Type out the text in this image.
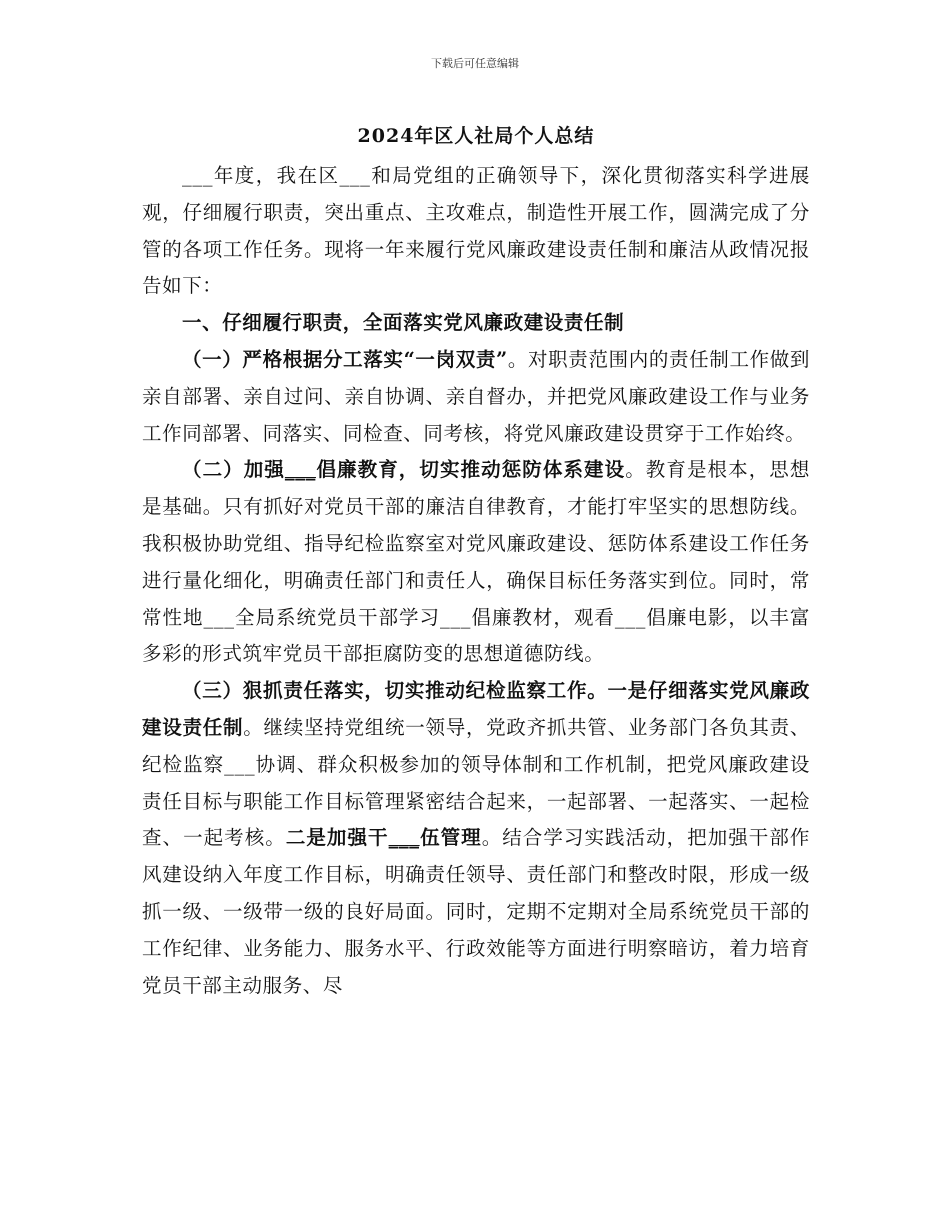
下载后可任意编辑
2024年区人社局个人总结

___年度，我在区___和局党组的正确领导下，深化贯彻落实科学进展观，仔细履行职责，突出重点、主攻难点，制造性开展工作，圆满完成了分管的各项工作任务。现将一年来履行党风廉政建设责任制和廉洁从政情况报告如下：

一、仔细履行职责，全面落实党风廉政建设责任制

（一）严格根据分工落实“一岗双责”。对职责范围内的责任制工作做到亲自部署、亲自过问、亲自协调、亲自督办，并把党风廉政建设工作与业务工作同部署、同落实、同检查、同考核，将党风廉政建设贯穿于工作始终。

（二）加强___倡廉教育，切实推动惩防体系建设。教育是根本，思想是基础。只有抓好对党员干部的廉洁自律教育，才能打牢坚实的思想防线。我积极协助党组、指导纪检监察室对党风廉政建设、惩防体系建设工作任务进行量化细化，明确责任部门和责任人，确保目标任务落实到位。同时，常常性地___全局系统党员干部学习___倡廉教材，观看___倡廉电影，以丰富多彩的形式筑牢党员干部拒腐防变的思想道德防线。

（三）狠抓责任落实，切实推动纪检监察工作。一是仔细落实党风廉政建设责任制。继续坚持党组统一领导，党政齐抓共管、业务部门各负其责、纪检监察___协调、群众积极参加的领导体制和工作机制，把党风廉政建设责任目标与职能工作目标管理紧密结合起来，一起部署、一起落实、一起检查、一起考核。二是加强干___伍管理。结合学习实践活动，把加强干部作风建设纳入年度工作目标，明确责任领导、责任部门和整改时限，形成一级抓一级、一级带一级的良好局面。同时，定期不定期对全局系统党员干部的工作纪律、业务能力、服务水平、行政效能等方面进行明察暗访，着力培育党员干部主动服务、尽
